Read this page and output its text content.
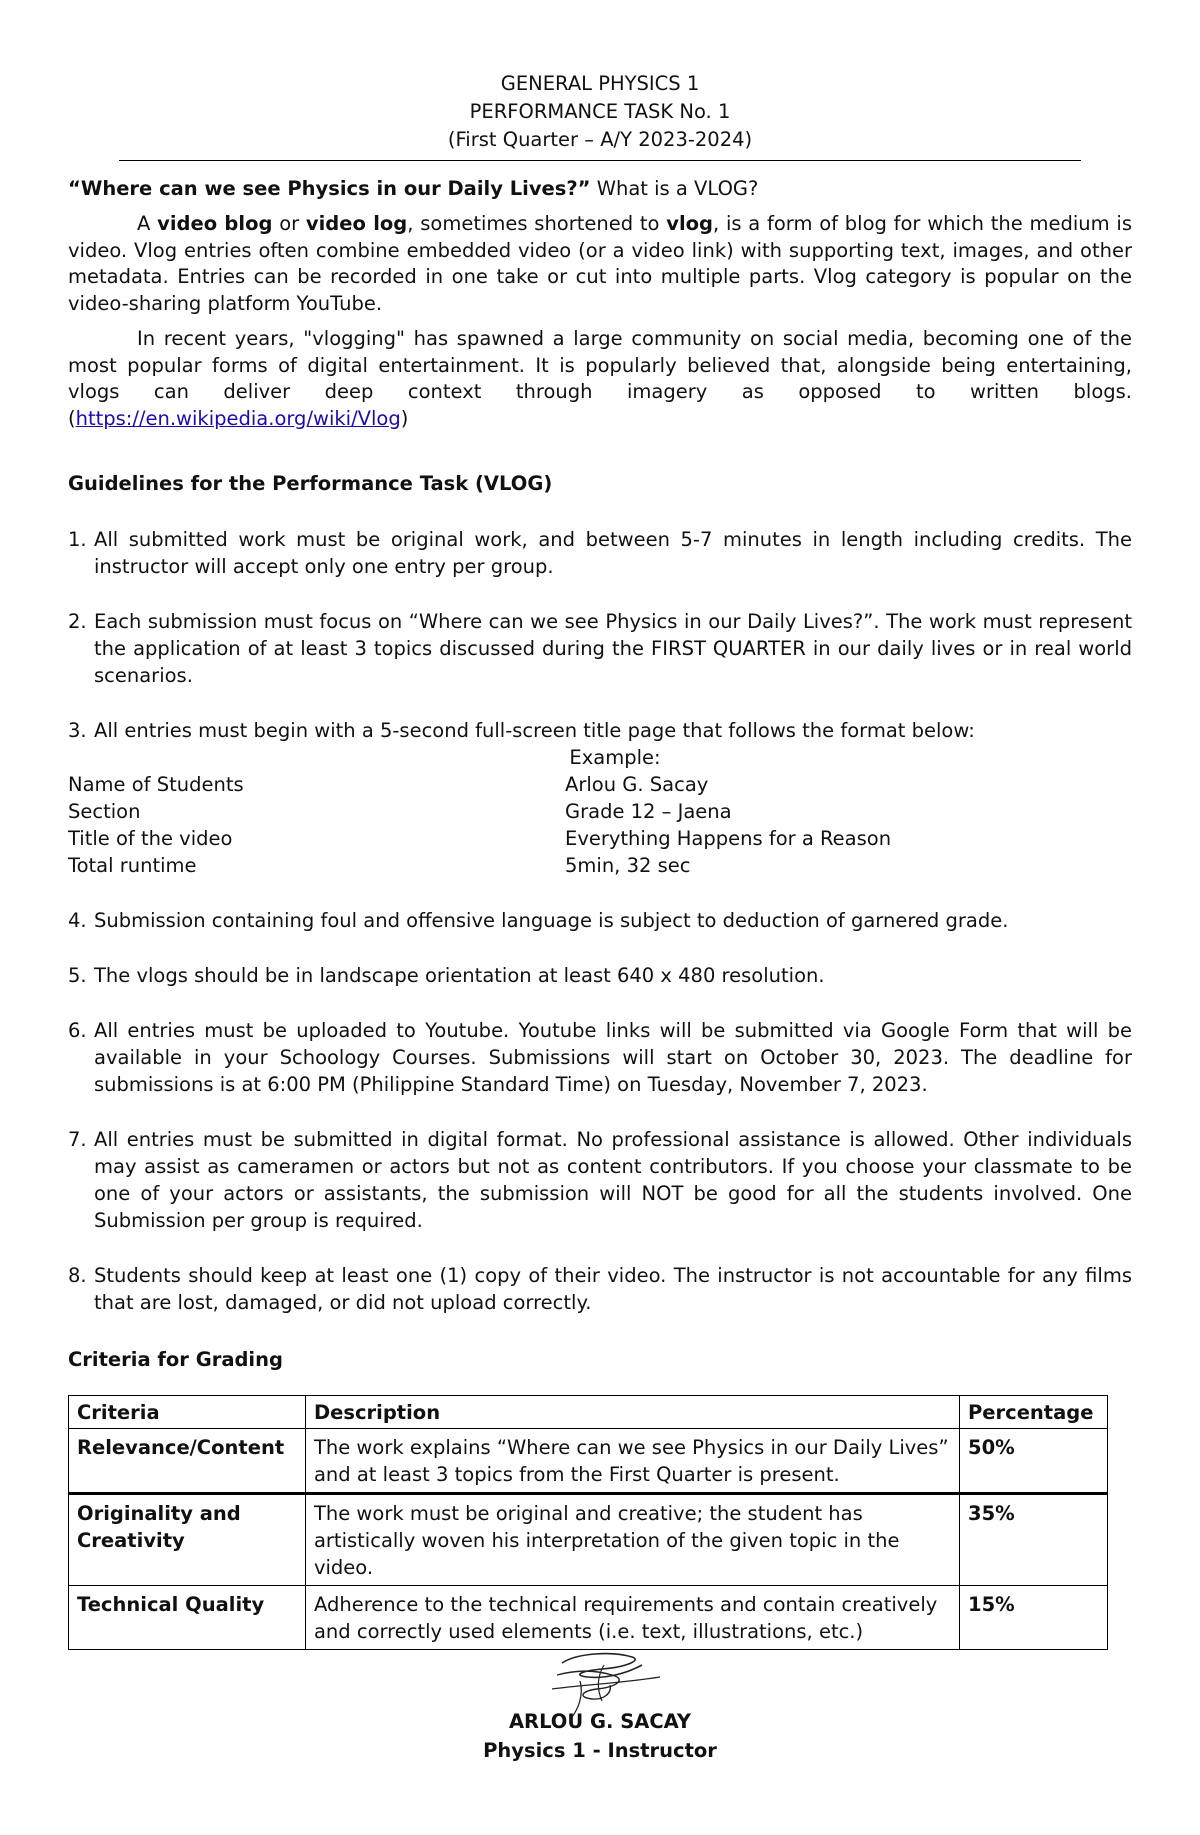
GENERAL PHYSICS 1
PERFORMANCE TASK No. 1
(First Quarter – A/Y 2023-2024)
“Where can we see Physics in our Daily Lives?” What is a VLOG?

A video blog or video log, sometimes shortened to vlog, is a form of blog for which the medium is video. Vlog entries often combine embedded video (or a video link) with supporting text, images, and other metadata. Entries can be recorded in one take or cut into multiple parts. Vlog category is popular on the video-sharing platform YouTube.

In recent years, "vlogging" has spawned a large community on social media, becoming one of the most popular forms of digital entertainment. It is popularly believed that, alongside being entertaining, vlogs can deliver deep context through imagery as opposed to written blogs. (https://en.wikipedia.org/wiki/Vlog)

Guidelines for the Performance Task (VLOG)
1. All submitted work must be original work, and between 5-7 minutes in length including credits. The instructor will accept only one entry per group.
2. Each submission must focus on “Where can we see Physics in our Daily Lives?”. The work must represent the application of at least 3 topics discussed during the FIRST QUARTER in our daily lives or in real world scenarios.
3. All entries must begin with a 5-second full-screen title page that follows the format below:
Example:
Name of Students	Arlou G. Sacay
Section	Grade 12 – Jaena
Title of the video	Everything Happens for a Reason
Total runtime	5min, 32 sec
4. Submission containing foul and offensive language is subject to deduction of garnered grade.
5. The vlogs should be in landscape orientation at least 640 x 480 resolution.
6. All entries must be uploaded to Youtube. Youtube links will be submitted via Google Form that will be available in your Schoology Courses. Submissions will start on October 30, 2023. The deadline for submissions is at 6:00 PM (Philippine Standard Time) on Tuesday, November 7, 2023.
7. All entries must be submitted in digital format. No professional assistance is allowed. Other individuals may assist as cameramen or actors but not as content contributors. If you choose your classmate to be one of your actors or assistants, the submission will NOT be good for all the students involved. One Submission per group is required.
8. Students should keep at least one (1) copy of their video. The instructor is not accountable for any films that are lost, damaged, or did not upload correctly.
Criteria for Grading
Criteria	Description	Percentage
Relevance/Content	The work explains “Where can we see Physics in our Daily Lives” and at least 3 topics from the First Quarter is present.	50%
Originality and Creativity	The work must be original and creative; the student has artistically woven his interpretation of the given topic in the video.	35%
Technical Quality	Adherence to the technical requirements and contain creatively and correctly used elements (i.e. text, illustrations, etc.)	15%
ARLOU G. SACAY
Physics 1 - Instructor
